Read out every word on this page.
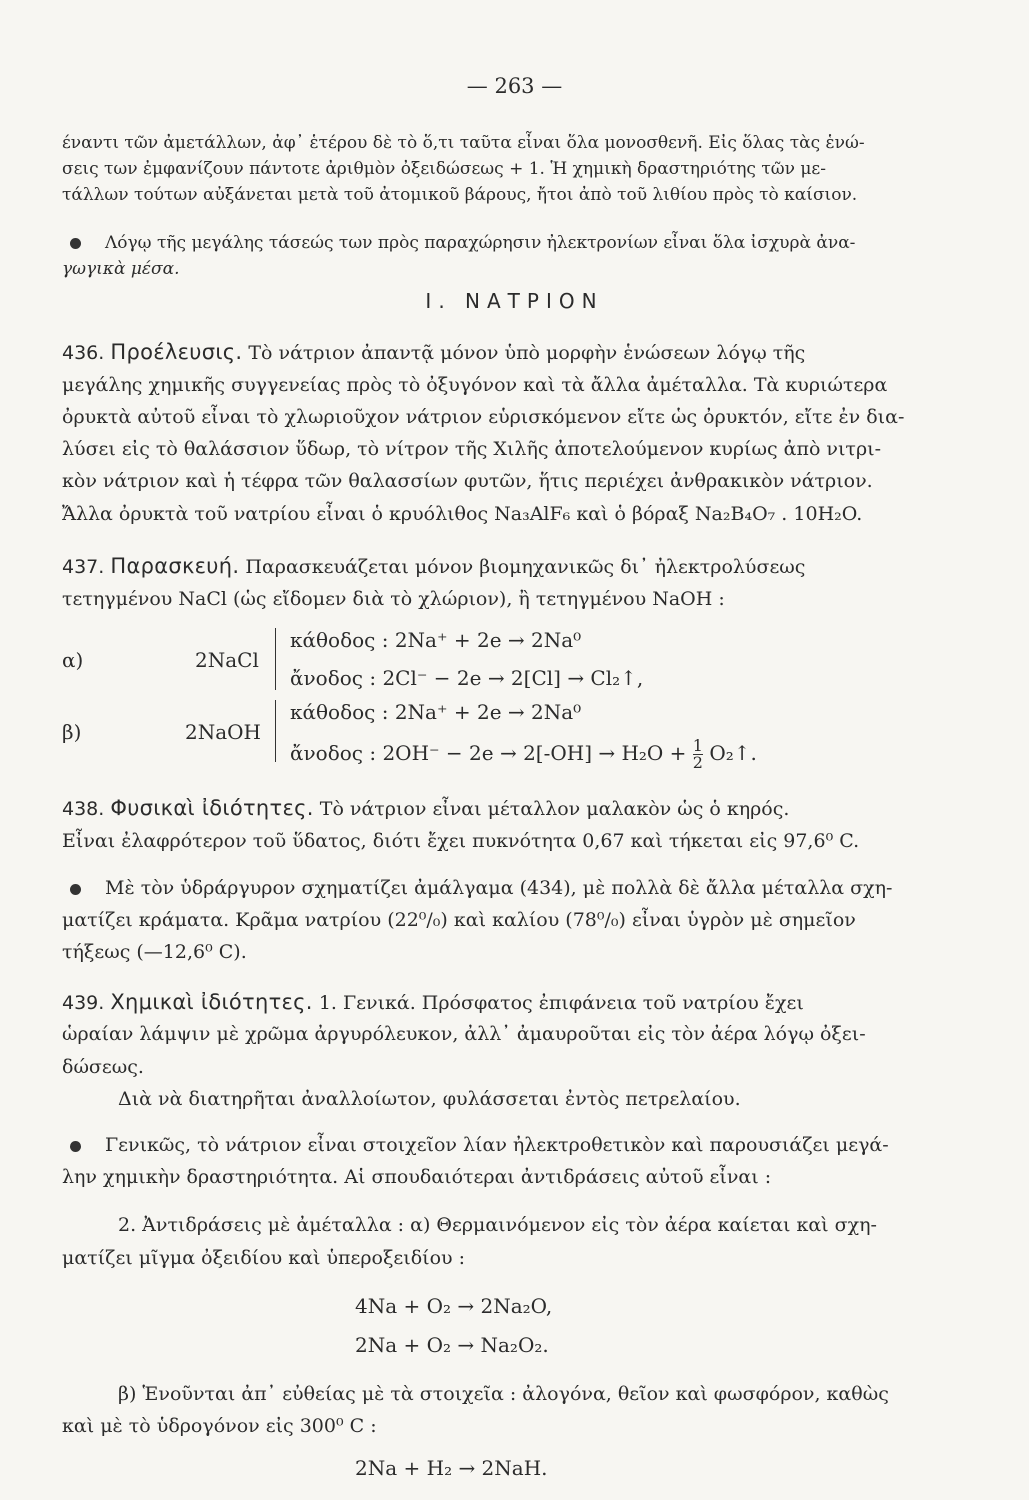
— 263 —
έναντι τῶν ἀμετάλλων, ἀφ᾽ ἑτέρου δὲ τὸ ὅ,τι ταῦτα εἶναι ὅλα μονοσθενῆ. Εἰς ὅλας τὰς ἑνώ-
σεις των ἐμφανίζουν πάντοτε ἀριθμὸν ὀξειδώσεως + 1. Ἡ χημικὴ δραστηριότης τῶν με-
τάλλων τούτων αὐξάνεται μετὰ τοῦ ἀτομικοῦ βάρους, ἤτοι ἀπὸ τοῦ λιθίου πρὸς τὸ καίσιον.
Λόγῳ τῆς μεγάλης τάσεώς των πρὸς παραχώρησιν ἠλεκτρονίων εἶναι ὅλα ἰσχυρὰ ἀνα-
γωγικὰ μέσα.
I. ΝΑΤΡΙΟΝ
436. Προέλευσις. Τὸ νάτριον ἀπαντᾷ μόνον ὑπὸ μορφὴν ἑνώσεων λόγῳ τῆς
μεγάλης χημικῆς συγγενείας πρὸς τὸ ὀξυγόνον καὶ τὰ ἄλλα ἀμέταλλα. Τὰ κυριώτερα
ὀρυκτὰ αὐτοῦ εἶναι τὸ χλωριοῦχον νάτριον εὑρισκόμενον εἴτε ὡς ὀρυκτόν, εἴτε ἐν δια-
λύσει εἰς τὸ θαλάσσιον ὕδωρ, τὸ νίτρον τῆς Χιλῆς ἀποτελούμενον κυρίως ἀπὸ νιτρι-
κὸν νάτριον καὶ ἡ τέφρα τῶν θαλασσίων φυτῶν, ἥτις περιέχει ἀνθρακικὸν νάτριον.
Ἄλλα ὀρυκτὰ τοῦ νατρίου εἶναι ὁ κρυόλιθος Na₃AlF₆ καὶ ὁ βόραξ Na₂B₄O₇ . 10H₂O.
437. Παρασκευή. Παρασκευάζεται μόνον βιομηχανικῶς δι᾽ ἠλεκτρολύσεως
τετηγμένου NaCl (ὡς εἴδομεν διὰ τὸ χλώριον), ἢ τετηγμένου NaOH :
α)	2NaCl
κάθοδος : 2Na⁺ + 2e → 2Na⁰
ἄνοδος : 2Cl⁻ − 2e → 2[Cl] → Cl₂↑,
β)	2NaOH
κάθοδος : 2Na⁺ + 2e → 2Na⁰
ἄνοδος : $2OH^- - 2e \to 2[-OH] \to H_2O + \frac{1}{2}$ O₂↑.
438. Φυσικαὶ ἰδιότητες. Τὸ νάτριον εἶναι μέταλλον μαλακὸν ὡς ὁ κηρός.
Εἶναι ἐλαφρότερον τοῦ ὕδατος, διότι ἔχει πυκνότητα 0,67 καὶ τήκεται εἰς 97,6⁰ C.
Μὲ τὸν ὑδράργυρον σχηματίζει ἀμάλγαμα (434), μὲ πολλὰ δὲ ἄλλα μέταλλα σχη-
ματίζει κράματα. Κρᾶμα νατρίου (22⁰/₀) καὶ καλίου (78⁰/₀) εἶναι ὑγρὸν μὲ σημεῖον
τήξεως (—12,6⁰ C).
439. Χημικαὶ ἰδιότητες. 1. Γενικά. Πρόσφατος ἐπιφάνεια τοῦ νατρίου ἔχει
ὡραίαν λάμψιν μὲ χρῶμα ἀργυρόλευκον, ἀλλ᾽ ἀμαυροῦται εἰς τὸν ἀέρα λόγῳ ὀξει-
δώσεως.
Διὰ νὰ διατηρῆται ἀναλλοίωτον, φυλάσσεται ἐντὸς πετρελαίου.
Γενικῶς, τὸ νάτριον εἶναι στοιχεῖον λίαν ἠλεκτροθετικὸν καὶ παρουσιάζει μεγά-
λην χημικὴν δραστηριότητα. Αἱ σπουδαιότεραι ἀντιδράσεις αὐτοῦ εἶναι :
2. Ἀντιδράσεις μὲ ἀμέταλλα : α) Θερμαινόμενον εἰς τὸν ἀέρα καίεται καὶ σχη-
ματίζει μῖγμα ὀξειδίου καὶ ὑπεροξειδίου :
4Na + O₂ → 2Na₂O,
2Na + O₂ → Na₂O₂.
β) Ἑνοῦνται ἀπ᾽ εὐθείας μὲ τὰ στοιχεῖα : ἀλογόνα, θεῖον καὶ φωσφόρον, καθὼς
καὶ μὲ τὸ ὑδρογόνον εἰς 300⁰ C :
2Na + H₂ → 2NaH.
